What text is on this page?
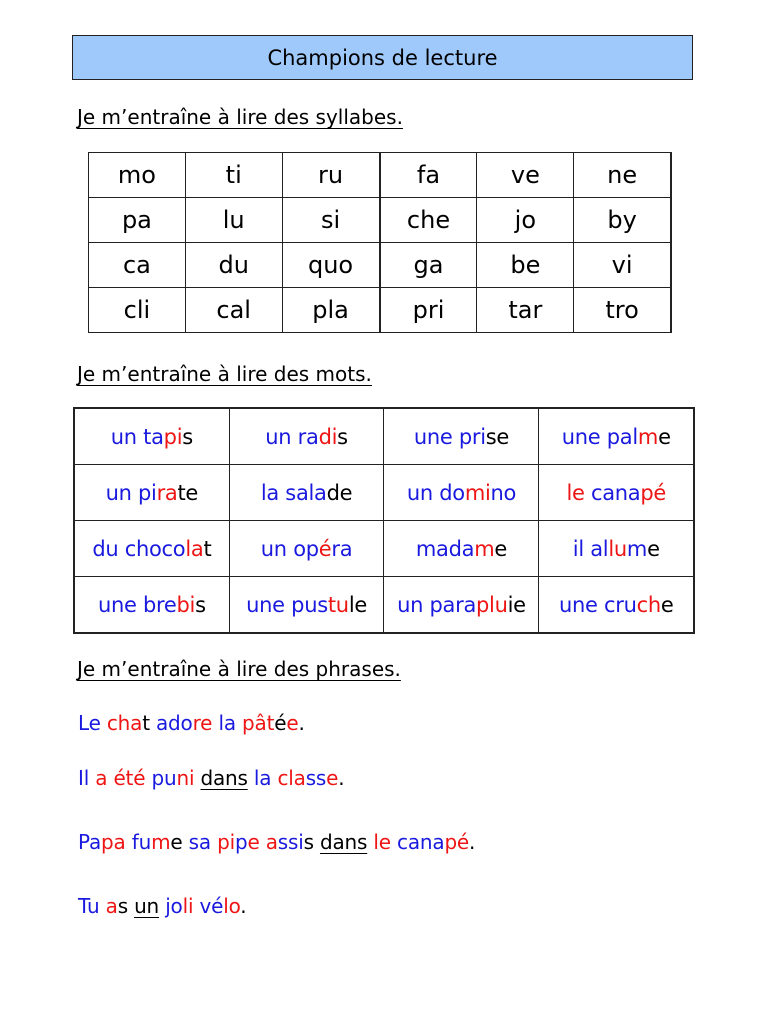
Champions de lecture
Je m’entraîne à lire des syllabes.
mo	ti	ru	fa	ve	ne
pa	lu	si	che	jo	by
ca	du	quo	ga	be	vi
cli	cal	pla	pri	tar	tro
Je m’entraîne à lire des mots.
un tapis	un radis	une prise	une palme
un pirate	la salade	un domino	le canapé
du chocolat	un opéra	madame	il allume
une brebis	une pustule	un parapluie	une cruche
Je m’entraîne à lire des phrases.
Le chat adore la pâtée.
Il a été puni dans la classe.
Papa fume sa pipe assis dans le canapé.
Tu as un joli vélo.
